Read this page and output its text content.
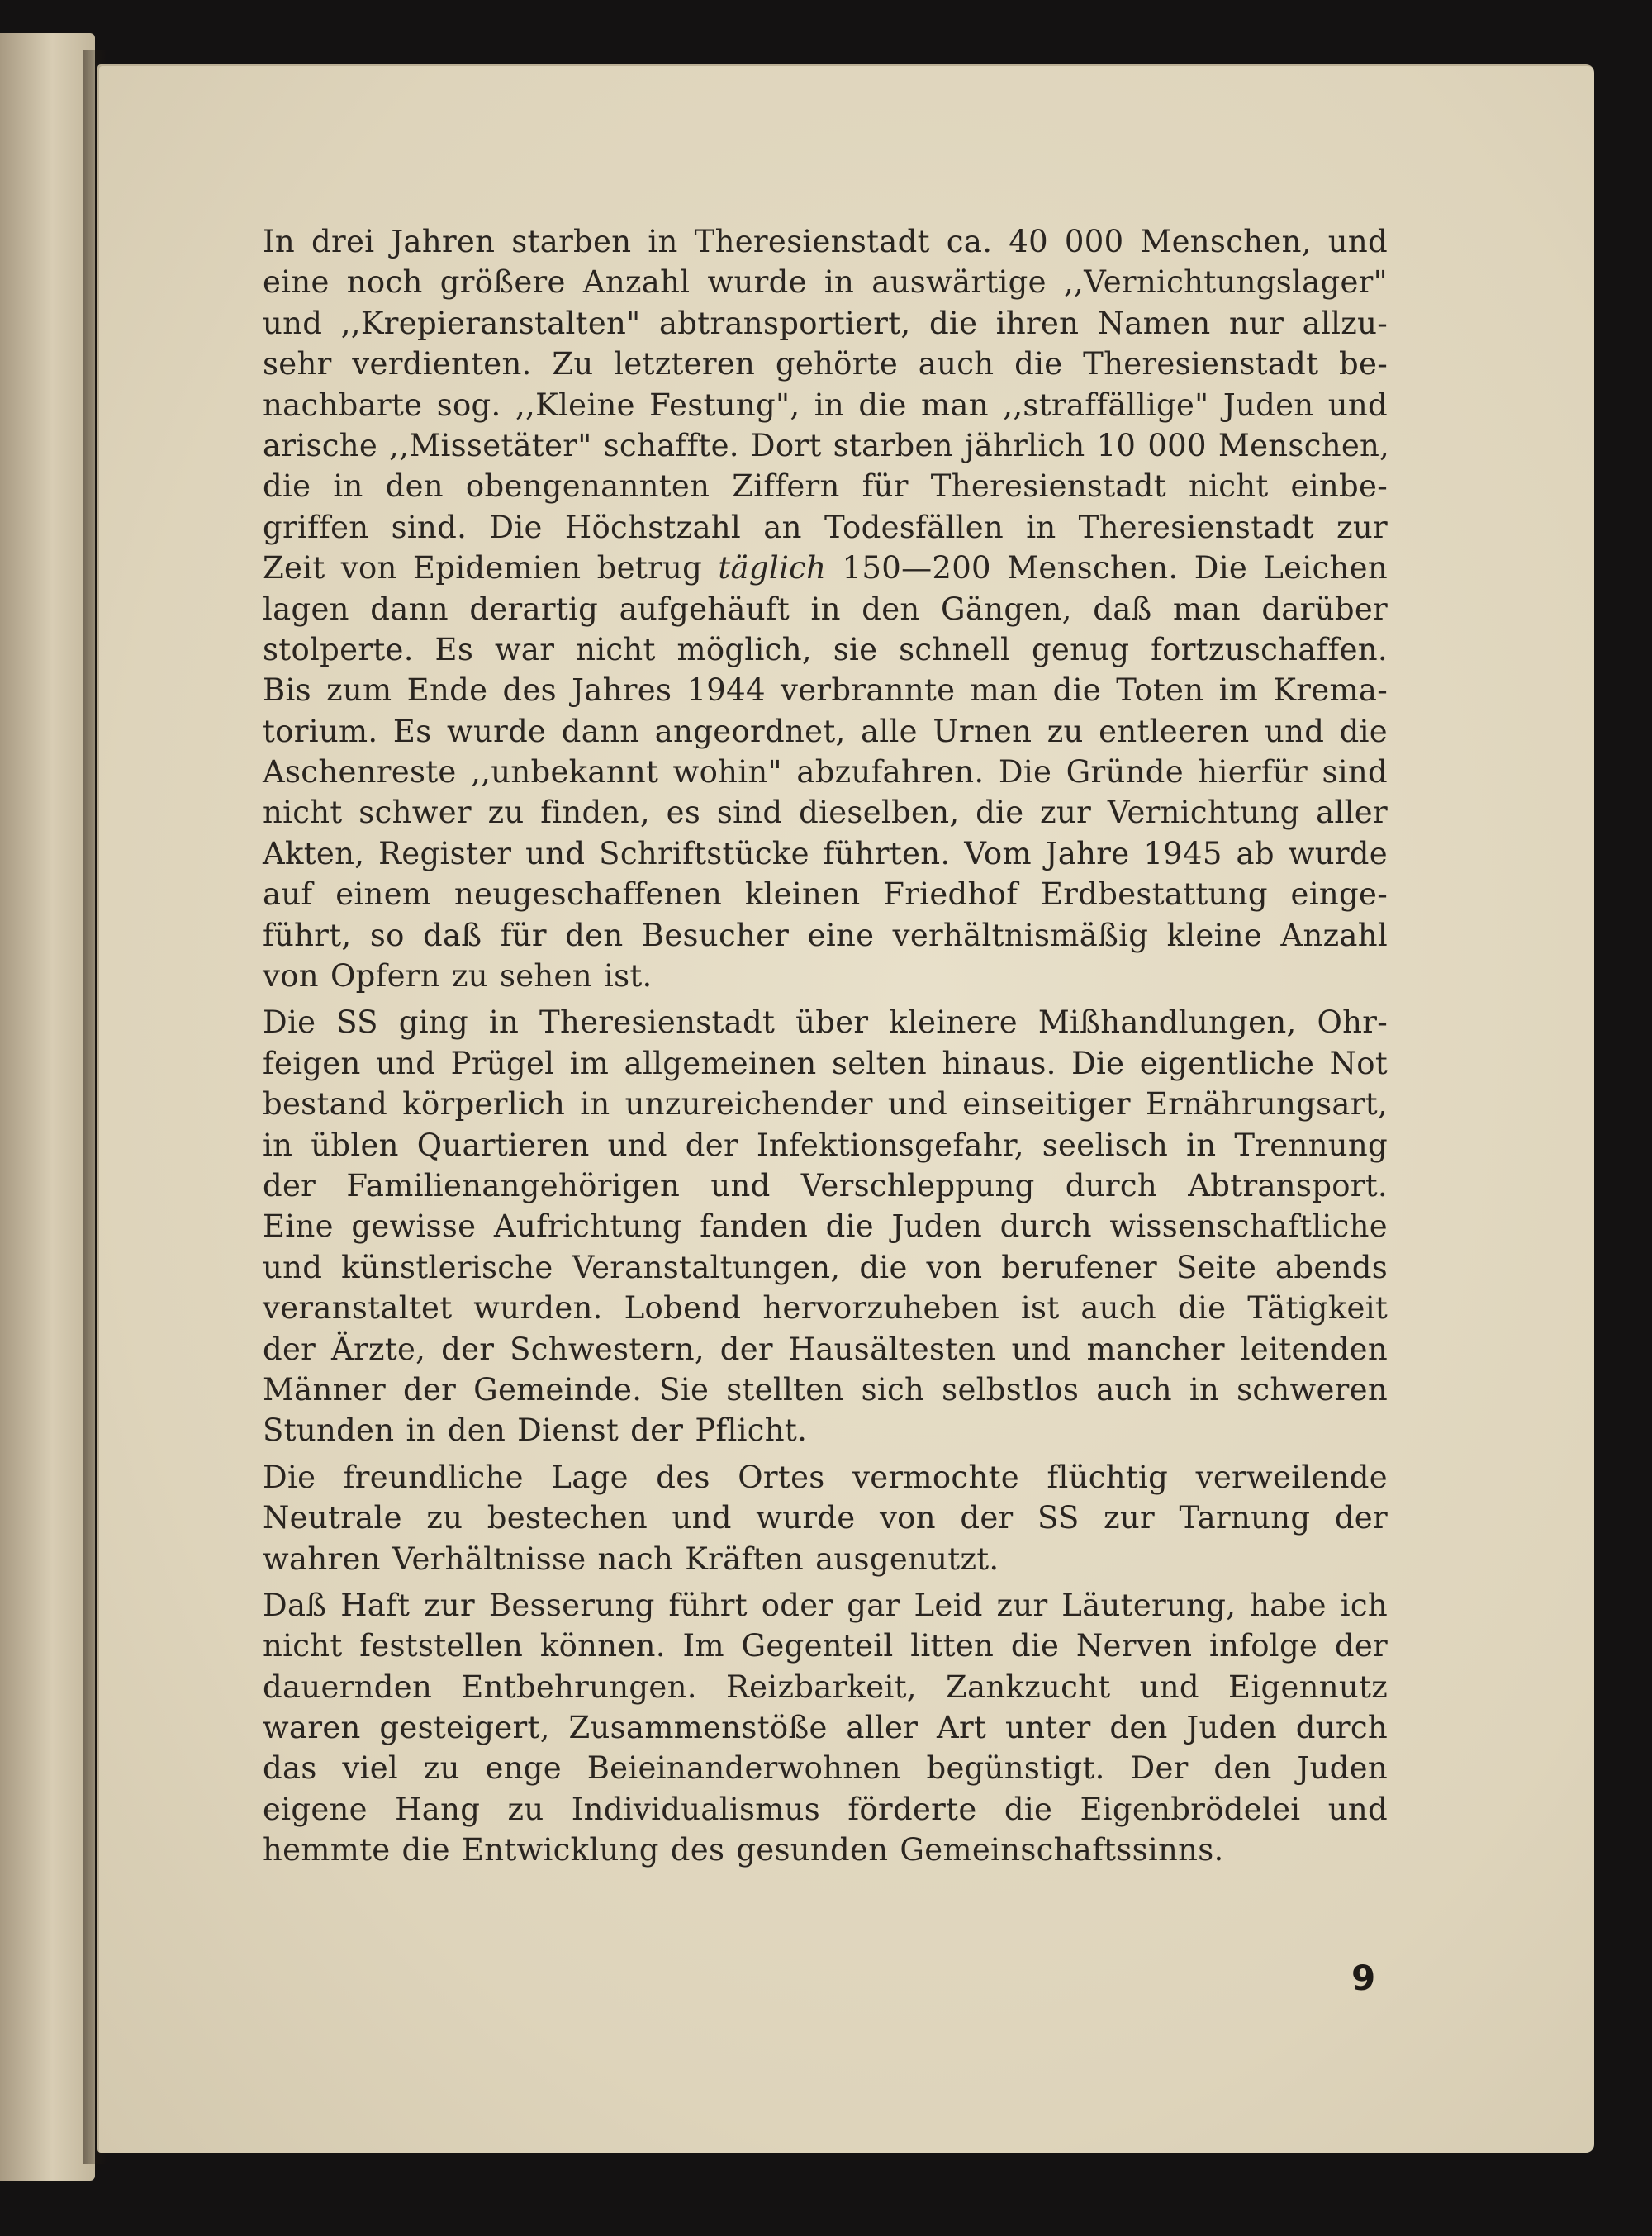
In drei Jahren starben in Theresienstadt ca. 40 000 Menschen, und
eine noch größere Anzahl wurde in auswärtige ,,Vernichtungslager"
und ,,Krepieranstalten" abtransportiert, die ihren Namen nur allzu-
sehr verdienten. Zu letzteren gehörte auch die Theresienstadt be-
nachbarte sog. ,,Kleine Festung", in die man ,,straffällige" Juden und
arische ,,Missetäter" schaffte. Dort starben jährlich 10 000 Menschen,
die in den obengenannten Ziffern für Theresienstadt nicht einbe-
griffen sind. Die Höchstzahl an Todesfällen in Theresienstadt zur
Zeit von Epidemien betrug täglich 150—200 Menschen. Die Leichen
lagen dann derartig aufgehäuft in den Gängen, daß man darüber
stolperte. Es war nicht möglich, sie schnell genug fortzuschaffen.
Bis zum Ende des Jahres 1944 verbrannte man die Toten im Krema-
torium. Es wurde dann angeordnet, alle Urnen zu entleeren und die
Aschenreste ,,unbekannt wohin" abzufahren. Die Gründe hierfür sind
nicht schwer zu finden, es sind dieselben, die zur Vernichtung aller
Akten, Register und Schriftstücke führten. Vom Jahre 1945 ab wurde
auf einem neugeschaffenen kleinen Friedhof Erdbestattung einge-
führt, so daß für den Besucher eine verhältnismäßig kleine Anzahl
von Opfern zu sehen ist.
Die SS ging in Theresienstadt über kleinere Mißhandlungen, Ohr-
feigen und Prügel im allgemeinen selten hinaus. Die eigentliche Not
bestand körperlich in unzureichender und einseitiger Ernährungsart,
in üblen Quartieren und der Infektionsgefahr, seelisch in Trennung
der Familienangehörigen und Verschleppung durch Abtransport.
Eine gewisse Aufrichtung fanden die Juden durch wissenschaftliche
und künstlerische Veranstaltungen, die von berufener Seite abends
veranstaltet wurden. Lobend hervorzuheben ist auch die Tätigkeit
der Ärzte, der Schwestern, der Hausältesten und mancher leitenden
Männer der Gemeinde. Sie stellten sich selbstlos auch in schweren
Stunden in den Dienst der Pflicht.
Die freundliche Lage des Ortes vermochte flüchtig verweilende
Neutrale zu bestechen und wurde von der SS zur Tarnung der
wahren Verhältnisse nach Kräften ausgenutzt.
Daß Haft zur Besserung führt oder gar Leid zur Läuterung, habe ich
nicht feststellen können. Im Gegenteil litten die Nerven infolge der
dauernden Entbehrungen. Reizbarkeit, Zankzucht und Eigennutz
waren gesteigert, Zusammenstöße aller Art unter den Juden durch
das viel zu enge Beieinanderwohnen begünstigt. Der den Juden
eigene Hang zu Individualismus förderte die Eigenbrödelei und
hemmte die Entwicklung des gesunden Gemeinschaftssinns.
9
